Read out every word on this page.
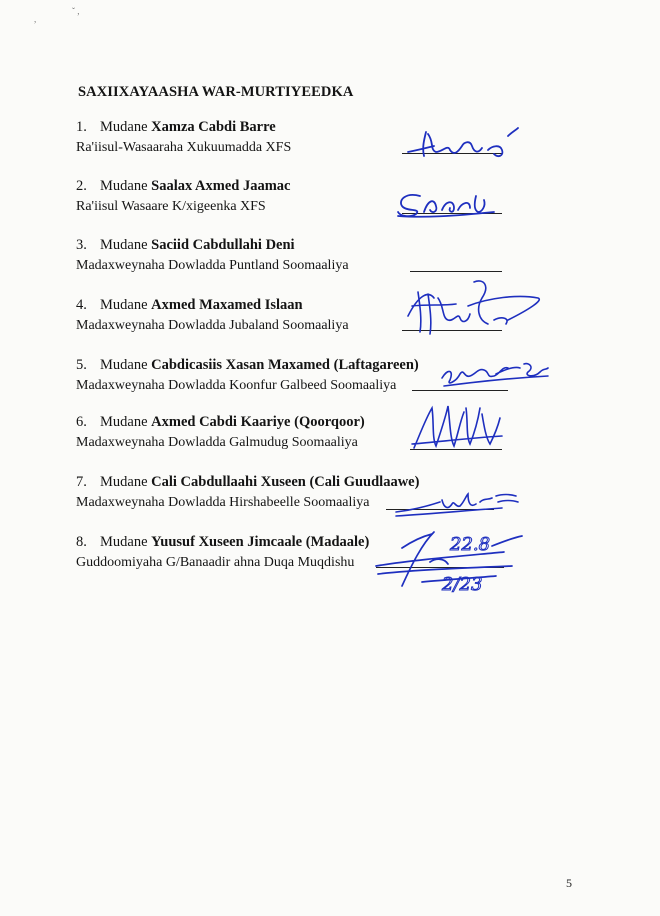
,
ˇ ,
SAXIIXAYAASHA WAR-MURTIYEEDKA
1. Mudane Xamza Cabdi Barre
Ra'iisul-Wasaaraha Xukuumadda XFS
2. Mudane Saalax Axmed Jaamac
Ra'iisul Wasaare K/xigeenka XFS
3. Mudane Saciid Cabdullahi Deni
Madaxweynaha Dowladda Puntland Soomaaliya
4. Mudane Axmed Maxamed Islaan
Madaxweynaha Dowladda Jubaland Soomaaliya
5. Mudane Cabdicasiis Xasan Maxamed (Laftagareen)
Madaxweynaha Dowladda Koonfur Galbeed Soomaaliya
6. Mudane Axmed Cabdi Kaariye (Qoorqoor)
Madaxweynaha Dowladda Galmudug Soomaaliya
7. Mudane Cali Cabdullaahi Xuseen (Cali Guudlaawe)
Madaxweynaha Dowladda Hirshabeelle Soomaaliya
8. Mudane Yuusuf Xuseen Jimcaale (Madaale)
Guddoomiyaha G/Banaadir ahna Duqa Muqdishu
22.8
2/23
5
